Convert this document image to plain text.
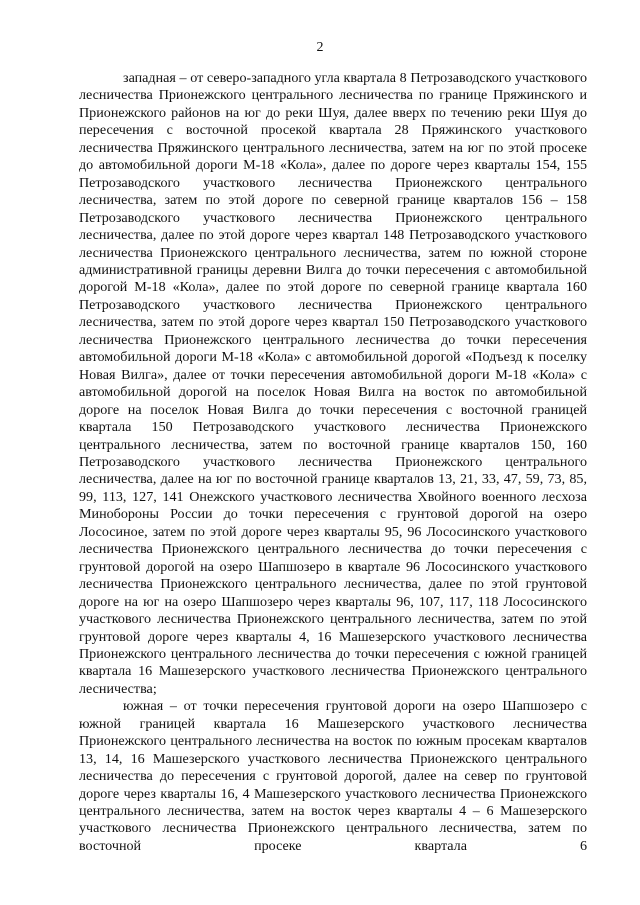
2

западная – от северо-западного угла квартала 8 Петрозаводского участкового лесничества Прионежского центрального лесничества по границе Пряжинского и Прионежского районов на юг до реки Шуя, далее вверх по течению реки Шуя до пересечения с восточной просекой квартала 28 Пряжинского участкового лесничества Пряжинского центрального лесничества, затем на юг по этой просеке до автомобильной дороги М-18 «Кола», далее по дороге через кварталы 154, 155 Петрозаводского участкового лесничества Прионежского центрального лесничества, затем по этой дороге по северной границе кварталов 156 – 158 Петрозаводского участкового лесничества Прионежского центрального лесничества, далее по этой дороге через квартал 148 Петрозаводского участкового лесничества Прионежского центрального лесничества, затем по южной стороне административной границы деревни Вилга до точки пересечения с автомобильной дорогой М-18 «Кола», далее по этой дороге по северной границе квартала 160 Петрозаводского участкового лесничества Прионежского центрального лесничества, затем по этой дороге через квартал 150 Петрозаводского участкового лесничества Прионежского центрального лесничества до точки пересечения автомобильной дороги М-18 «Кола» с автомобильной дорогой «Подъезд к поселку Новая Вилга», далее от точки пересечения автомобильной дороги М-18 «Кола» с автомобильной дорогой на поселок Новая Вилга на восток по автомобильной дороге на поселок Новая Вилга до точки пересечения с восточной границей квартала 150 Петрозаводского участкового лесничества Прионежского центрального лесничества, затем по восточной границе кварталов 150, 160 Петрозаводского участкового лесничества Прионежского центрального лесничества, далее на юг по восточной границе кварталов 13, 21, 33, 47, 59, 73, 85, 99, 113, 127, 141 Онежского участкового лесничества Хвойного военного лесхоза Минобороны России до точки пересечения с грунтовой дорогой на озеро Лососиное, затем по этой дороге через кварталы 95, 96 Лососинского участкового лесничества Прионежского центрального лесничества до точки пересечения с грунтовой дорогой на озеро Шапшозеро в квартале 96 Лососинского участкового лесничества Прионежского центрального лесничества, далее по этой грунтовой дороге на юг на озеро Шапшозеро через кварталы 96, 107, 117, 118 Лососинского участкового лесничества Прионежского центрального лесничества, затем по этой грунтовой дороге через кварталы 4, 16 Машезерского участкового лесничества Прионежского центрального лесничества до точки пересечения с южной границей квартала 16 Машезерского участкового лесничества Прионежского центрального лесничества;

южная – от точки пересечения грунтовой дороги на озеро Шапшозеро с южной границей квартала 16 Машезерского участкового лесничества Прионежского центрального лесничества на восток по южным просекам кварталов 13, 14, 16 Машезерского участкового лесничества Прионежского центрального лесничества до пересечения с грунтовой дорогой, далее на север по грунтовой дороге через кварталы 16, 4 Машезерского участкового лесничества Прионежского центрального лесничества, затем на восток через кварталы 4 – 6 Машезерского участкового лесничества Прионежского центрального лесничества, затем по восточной просеке квартала 6
